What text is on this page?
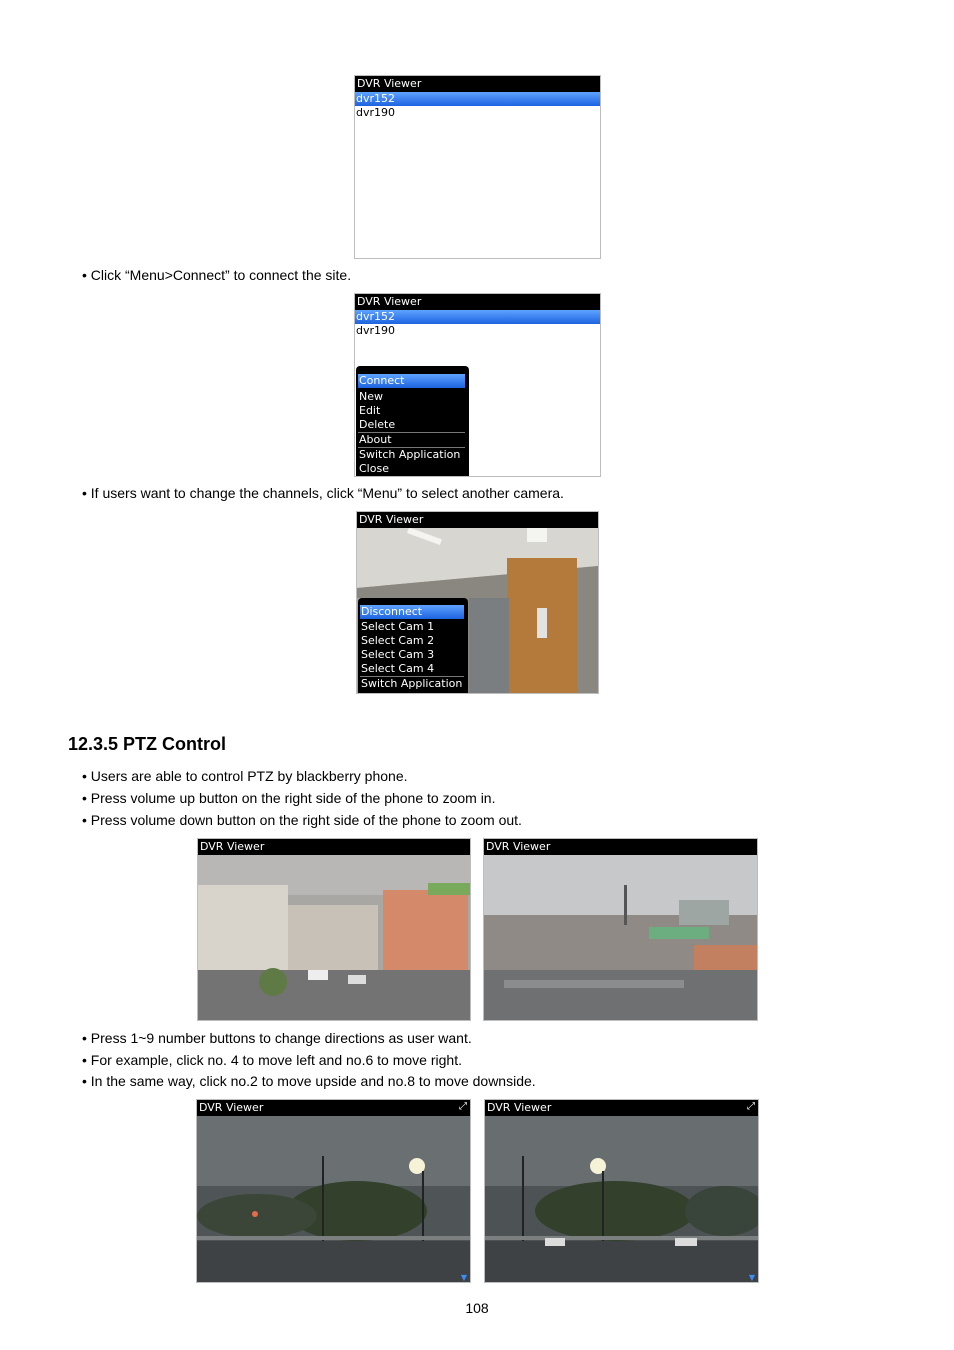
DVR Viewer
dvr152
dvr190
• Click “Menu>Connect” to connect the site.
DVR Viewer
dvr152
dvr190
Connect
New
Edit
Delete
About
Switch Application
Close
• If users want to change the channels, click “Menu” to select another camera.
DVR Viewer
Disconnect
Select Cam 1
Select Cam 2
Select Cam 3
Select Cam 4
Switch Application
12.3.5 PTZ Control
• Users are able to control PTZ by blackberry phone.
• Press volume up button on the right side of the phone to zoom in.
• Press volume down button on the right side of the phone to zoom out.
DVR Viewer
	DVR Viewer

• Press 1~9 number buttons to change directions as user want.
• For example, click no. 4 to move left and no.6 to move right.
• In the same way, click no.2 to move upside and no.8 to move downside.
DVR Viewer	⤢

▼
DVR Viewer	⤢

▼
108
